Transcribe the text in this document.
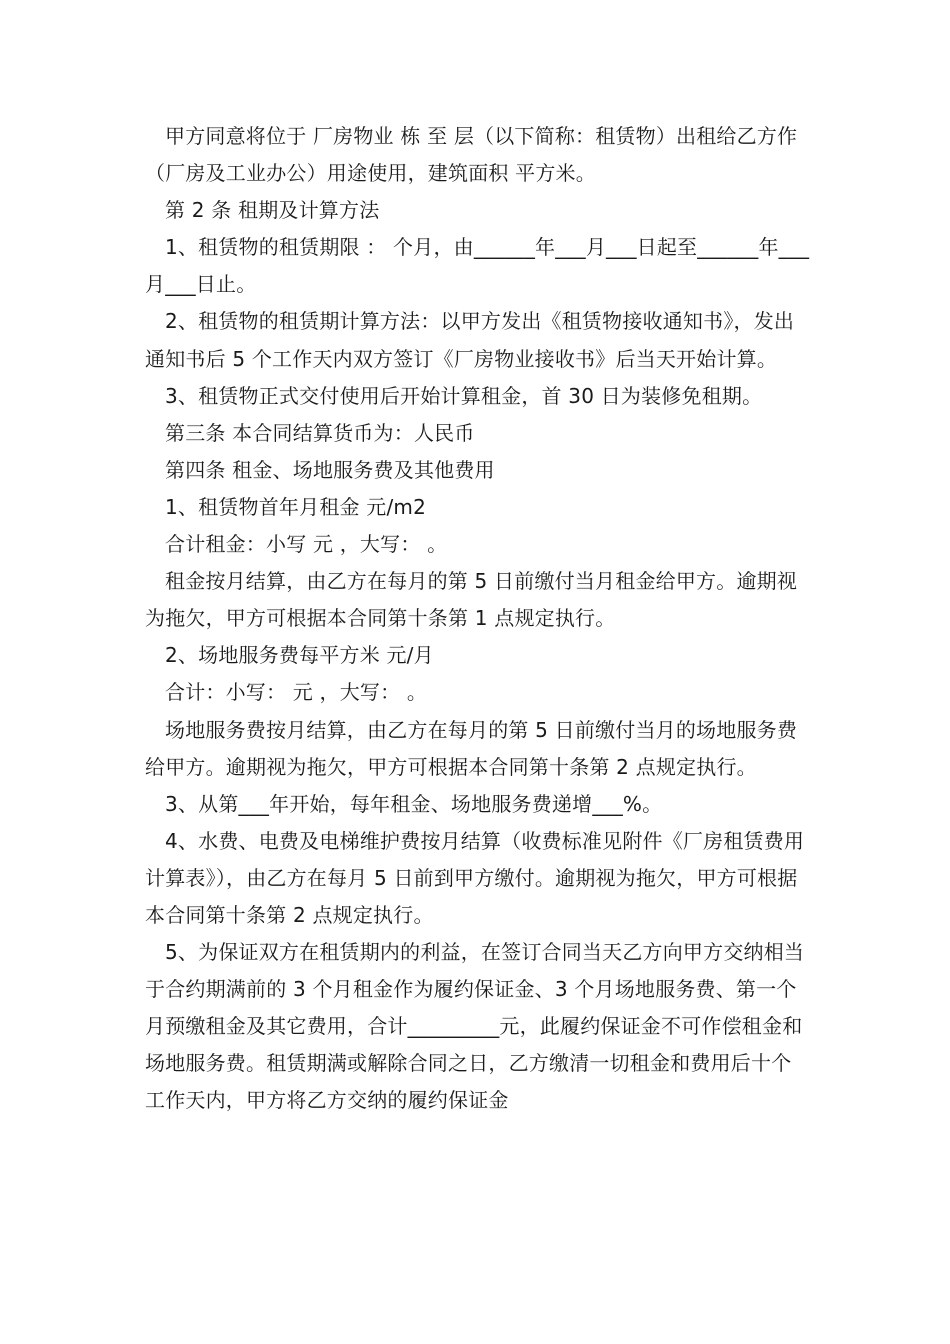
甲方同意将位于 厂房物业 栋 至 层（以下简称：租赁物）出租给乙方作（厂房及工业办公）用途使用，建筑面积 平方米。

第 2 条 租期及计算方法

1、租赁物的租赁期限 ： 个月，由______年___月___日起至______年___月___日止。

2、租赁物的租赁期计算方法：以甲方发出《租赁物接收通知书》，发出通知书后 5 个工作天内双方签订《厂房物业接收书》后当天开始计算。

3、租赁物正式交付使用后开始计算租金，首 30 日为装修免租期。

第三条 本合同结算货币为：人民币

第四条 租金、场地服务费及其他费用

1、租赁物首年月租金 元/m2

合计租金：小写 元 ，大写： 。

租金按月结算，由乙方在每月的第 5 日前缴付当月租金给甲方。逾期视为拖欠，甲方可根据本合同第十条第 1 点规定执行。

2、场地服务费每平方米 元/月

合计：小写： 元 ，大写： 。

场地服务费按月结算，由乙方在每月的第 5 日前缴付当月的场地服务费给甲方。逾期视为拖欠，甲方可根据本合同第十条第 2 点规定执行。

3、从第___年开始，每年租金、场地服务费递增___%。

4、水费、电费及电梯维护费按月结算（收费标准见附件《厂房租赁费用计算表》），由乙方在每月 5 日前到甲方缴付。逾期视为拖欠，甲方可根据本合同第十条第 2 点规定执行。

5、为保证双方在租赁期内的利益，在签订合同当天乙方向甲方交纳相当于合约期满前的 3 个月租金作为履约保证金、3 个月场地服务费、第一个月预缴租金及其它费用，合计_________元，此履约保证金不可作偿租金和场地服务费。租赁期满或解除合同之日，乙方缴清一切租金和费用后十个工作天内，甲方将乙方交纳的履约保证金
